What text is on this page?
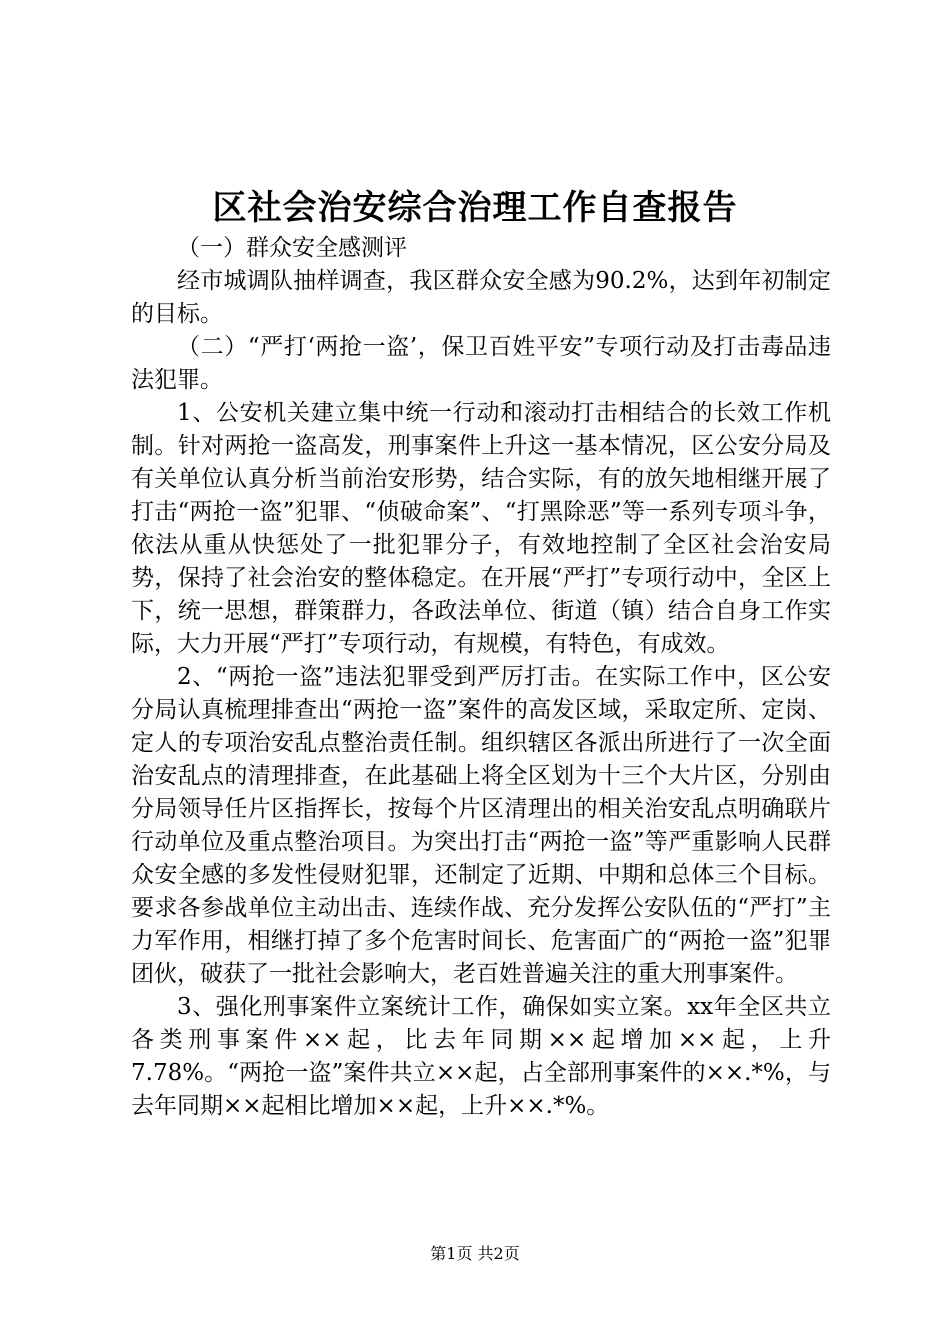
区社会治安综合治理工作自查报告

（一）群众安全感测评

经市城调队抽样调查，我区群众安全感为90.2%，达到年初制定的目标。

（二）“严打‘两抢一盗’，保卫百姓平安”专项行动及打击毒品违法犯罪。

1、公安机关建立集中统一行动和滚动打击相结合的长效工作机制。针对两抢一盗高发，刑事案件上升这一基本情况，区公安分局及有关单位认真分析当前治安形势，结合实际，有的放矢地相继开展了打击“两抢一盗”犯罪、“侦破命案”、“打黑除恶”等一系列专项斗争，依法从重从快惩处了一批犯罪分子，有效地控制了全区社会治安局势，保持了社会治安的整体稳定。在开展“严打”专项行动中，全区上下，统一思想，群策群力，各政法单位、街道（镇）结合自身工作实际，大力开展“严打”专项行动，有规模，有特色，有成效。

2、“两抢一盗”违法犯罪受到严厉打击。在实际工作中，区公安分局认真梳理排查出“两抢一盗”案件的高发区域，采取定所、定岗、定人的专项治安乱点整治责任制。组织辖区各派出所进行了一次全面治安乱点的清理排查，在此基础上将全区划为十三个大片区，分别由分局领导任片区指挥长，按每个片区清理出的相关治安乱点明确联片行动单位及重点整治项目。为突出打击“两抢一盗”等严重影响人民群众安全感的多发性侵财犯罪，还制定了近期、中期和总体三个目标。要求各参战单位主动出击、连续作战、充分发挥公安队伍的“严打”主力军作用，相继打掉了多个危害时间长、危害面广的“两抢一盗”犯罪团伙，破获了一批社会影响大，老百姓普遍关注的重大刑事案件。

3、强化刑事案件立案统计工作，确保如实立案。xx年全区共立各类刑事案件××起，比去年同期××起增加××起，上升7.78%。“两抢一盗”案件共立××起，占全部刑事案件的××.*%，与去年同期××起相比增加××起，上升××.*%。

第1页 共2页
